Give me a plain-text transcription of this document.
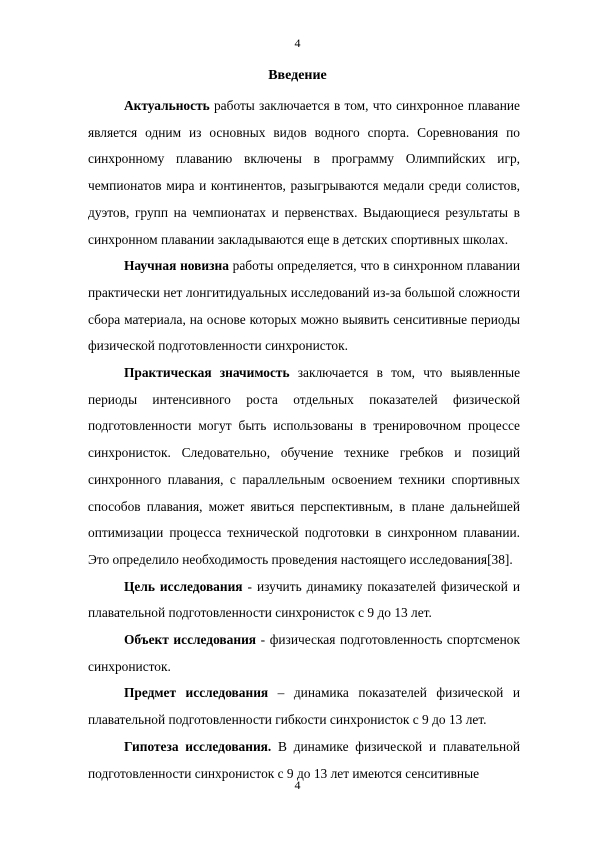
4
Введение

Актуальность работы заключается в том, что синхронное плавание является одним из основных видов водного спорта. Соревнования по синхронному плаванию включены в программу Олимпийских игр, чемпионатов мира и континентов, разыгрываются медали среди солистов, дуэтов, групп на чемпионатах и первенствах. Выдающиеся результаты в синхронном плавании закладываются еще в детских спортивных школах.

Научная новизна работы определяется, что в синхронном плавании практически нет лонгитидуальных исследований из-за большой сложности сбора материала, на основе которых можно выявить сенситивные периоды физической подготовленности синхронисток.

Практическая значимость заключается в том, что выявленные периоды интенсивного роста отдельных показателей физической подготовленности могут быть использованы в тренировочном процессе синхронисток. Следовательно, обучение технике гребков и позиций синхронного плавания, с параллельным освоением техники спортивных способов плавания, может явиться перспективным, в плане дальнейшей оптимизации процесса технической подготовки в синхронном плавании. Это определило необходимость проведения настоящего исследования[38].

Цель исследования - изучить динамику показателей физической и плавательной подготовленности синхронисток с 9 до 13 лет.

Объект исследования - физическая подготовленность спортсменок синхронисток.

Предмет исследования – динамика показателей физической и плавательной подготовленности гибкости синхронисток с 9 до 13 лет.

Гипотеза исследования. В динамике физической и плавательной подготовленности синхронисток с 9 до 13 лет имеются сенситивные

4
